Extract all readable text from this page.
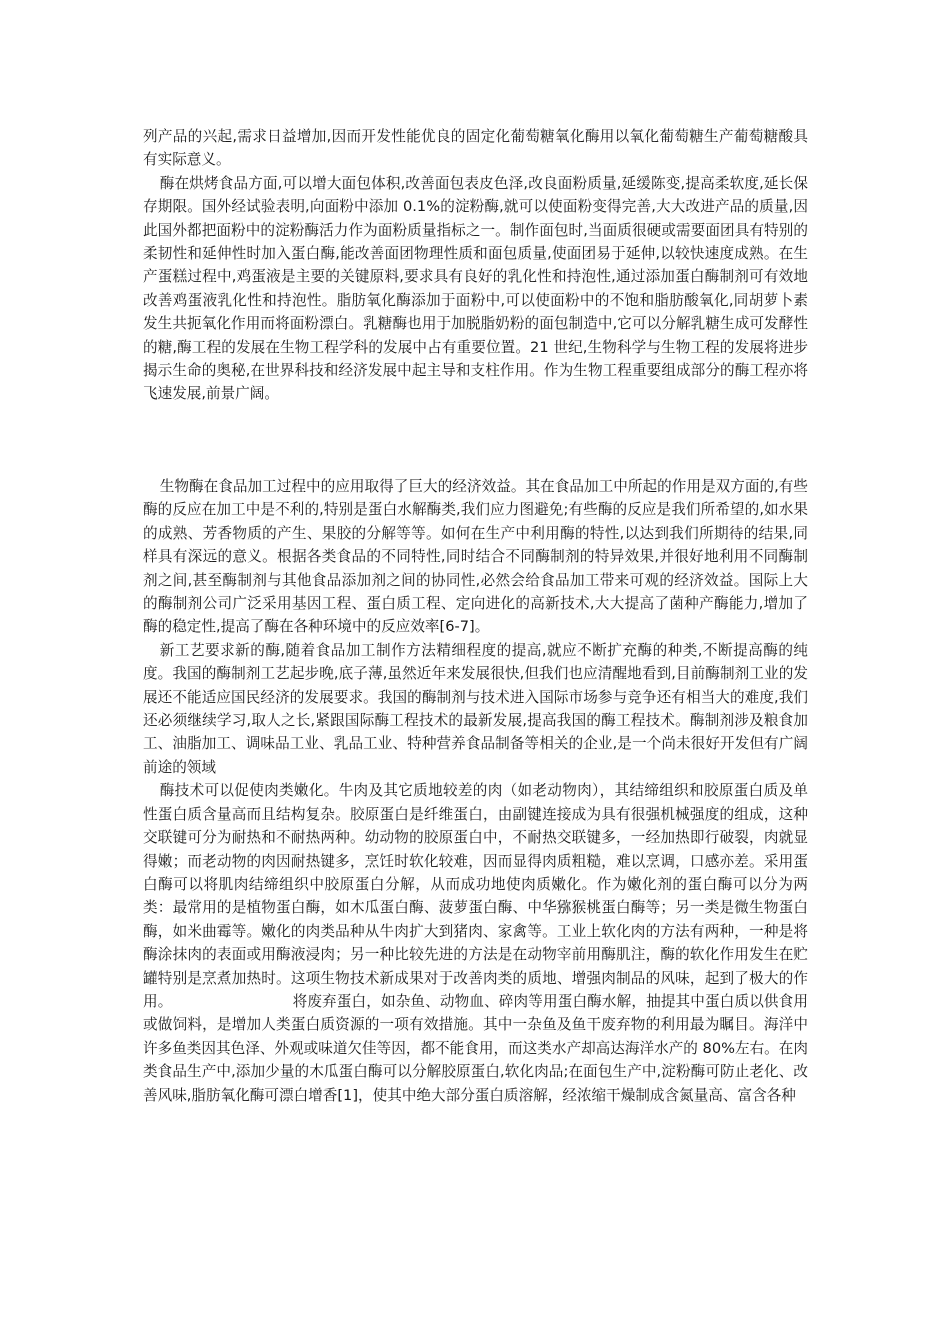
列产品的兴起,需求日益增加,因而开发性能优良的固定化葡萄糖氧化酶用以氧化葡萄糖生产葡萄糖酸具有实际意义。

酶在烘烤食品方面,可以增大面包体积,改善面包表皮色泽,改良面粉质量,延缓陈变,提高柔软度,延长保存期限。国外经试验表明,向面粉中添加 0.1%的淀粉酶,就可以使面粉变得完善,大大改进产品的质量,因此国外都把面粉中的淀粉酶活力作为面粉质量指标之一。制作面包时,当面质很硬或需要面团具有特别的柔韧性和延伸性时加入蛋白酶,能改善面团物理性质和面包质量,使面团易于延伸,以较快速度成熟。在生产蛋糕过程中,鸡蛋液是主要的关键原料,要求具有良好的乳化性和持泡性,通过添加蛋白酶制剂可有效地改善鸡蛋液乳化性和持泡性。脂肪氧化酶添加于面粉中,可以使面粉中的不饱和脂肪酸氧化,同胡萝卜素发生共扼氧化作用而将面粉漂白。乳糖酶也用于加脱脂奶粉的面包制造中,它可以分解乳糖生成可发酵性的糖,酶工程的发展在生物工程学科的发展中占有重要位置。21 世纪,生物科学与生物工程的发展将进步揭示生命的奥秘,在世界科技和经济发展中起主导和支柱作用。作为生物工程重要组成部分的酶工程亦将飞速发展,前景广阔。

生物酶在食品加工过程中的应用取得了巨大的经济效益。其在食品加工中所起的作用是双方面的,有些酶的反应在加工中是不利的,特别是蛋白水解酶类,我们应力图避免;有些酶的反应是我们所希望的,如水果的成熟、芳香物质的产生、果胶的分解等等。如何在生产中利用酶的特性,以达到我们所期待的结果,同样具有深远的意义。根据各类食品的不同特性,同时结合不同酶制剂的特异效果,并很好地利用不同酶制剂之间,甚至酶制剂与其他食品添加剂之间的协同性,必然会给食品加工带来可观的经济效益。国际上大的酶制剂公司广泛采用基因工程、蛋白质工程、定向进化的高新技术,大大提高了菌种产酶能力,增加了酶的稳定性,提高了酶在各种环境中的反应效率[6-7]。

新工艺要求新的酶,随着食品加工制作方法精细程度的提高,就应不断扩充酶的种类,不断提高酶的纯度。我国的酶制剂工艺起步晚,底子薄,虽然近年来发展很快,但我们也应清醒地看到,目前酶制剂工业的发展还不能适应国民经济的发展要求。我国的酶制剂与技术进入国际市场参与竞争还有相当大的难度,我们还必须继续学习,取人之长,紧跟国际酶工程技术的最新发展,提高我国的酶工程技术。酶制剂涉及粮食加工、油脂加工、调味品工业、乳品工业、特种营养食品制备等相关的企业,是一个尚未很好开发但有广阔前途的领域

酶技术可以促使肉类嫩化。牛肉及其它质地较差的肉（如老动物肉），其结缔组织和胶原蛋白质及单性蛋白质含量高而且结构复杂。胶原蛋白是纤维蛋白，由副键连接成为具有很强机械强度的组成，这种交联键可分为耐热和不耐热两种。幼动物的胶原蛋白中，不耐热交联键多，一经加热即行破裂，肉就显得嫩；而老动物的肉因耐热键多，烹饪时软化较难，因而显得肉质粗糙，难以烹调，口感亦差。采用蛋白酶可以将肌肉结缔组织中胶原蛋白分解，从而成功地使肉质嫩化。作为嫩化剂的蛋白酶可以分为两类：最常用的是植物蛋白酶，如木瓜蛋白酶、菠萝蛋白酶、中华猕猴桃蛋白酶等；另一类是微生物蛋白酶，如米曲霉等。嫩化的肉类品种从牛肉扩大到猪肉、家禽等。工业上软化肉的方法有两种，一种是将酶涂抹肉的表面或用酶液浸肉；另一种比较先进的方法是在动物宰前用酶肌注，酶的软化作用发生在贮罐特别是烹煮加热时。这项生物技术新成果对于改善肉类的质地、增强肉制品的风味，起到了极大的作用。	将废弃蛋白，如杂鱼、动物血、碎肉等用蛋白酶水解，抽提其中蛋白质以供食用或做饲料，是增加人类蛋白质资源的一项有效措施。其中一杂鱼及鱼干废弃物的利用最为瞩目。海洋中许多鱼类因其色泽、外观或味道欠佳等因，都不能食用，而这类水产却高达海洋水产的 80%左右。在肉类食品生产中,添加少量的木瓜蛋白酶可以分解胶原蛋白,软化肉品;在面包生产中,淀粉酶可防止老化、改善风味,脂肪氧化酶可漂白增香[1]，使其中绝大部分蛋白质溶解，经浓缩干燥制成含氮量高、富含各种
